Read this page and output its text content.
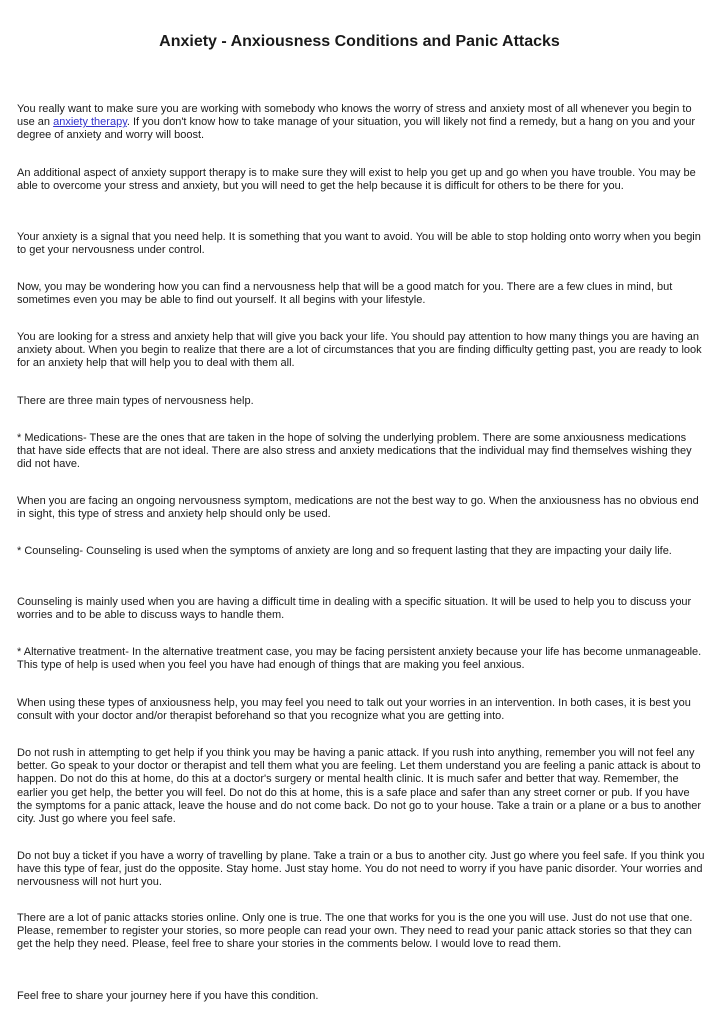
Anxiety - Anxiousness Conditions and Panic Attacks

You really want to make sure you are working with somebody who knows the worry of stress and anxiety most of all whenever you begin to use an anxiety therapy. If you don't know how to take manage of your situation, you will likely not find a remedy, but a hang on you and your degree of anxiety and worry will boost.

An additional aspect of anxiety support therapy is to make sure they will exist to help you get up and go when you have trouble. You may be able to overcome your stress and anxiety, but you will need to get the help because it is difficult for others to be there for you.

Your anxiety is a signal that you need help. It is something that you want to avoid. You will be able to stop holding onto worry when you begin to get your nervousness under control.

Now, you may be wondering how you can find a nervousness help that will be a good match for you. There are a few clues in mind, but sometimes even you may be able to find out yourself. It all begins with your lifestyle.

You are looking for a stress and anxiety help that will give you back your life. You should pay attention to how many things you are having an anxiety about. When you begin to realize that there are a lot of circumstances that you are finding difficulty getting past, you are ready to look for an anxiety help that will help you to deal with them all.

There are three main types of nervousness help.

* Medications- These are the ones that are taken in the hope of solving the underlying problem. There are some anxiousness medications that have side effects that are not ideal. There are also stress and anxiety medications that the individual may find themselves wishing they did not have.

When you are facing an ongoing nervousness symptom, medications are not the best way to go. When the anxiousness has no obvious end in sight, this type of stress and anxiety help should only be used.

* Counseling- Counseling is used when the symptoms of anxiety are long and so frequent lasting that they are impacting your daily life.

Counseling is mainly used when you are having a difficult time in dealing with a specific situation. It will be used to help you to discuss your worries and to be able to discuss ways to handle them.

* Alternative treatment- In the alternative treatment case, you may be facing persistent anxiety because your life has become unmanageable. This type of help is used when you feel you have had enough of things that are making you feel anxious.

When using these types of anxiousness help, you may feel you need to talk out your worries in an intervention. In both cases, it is best you consult with your doctor and/or therapist beforehand so that you recognize what you are getting into.

Do not rush in attempting to get help if you think you may be having a panic attack. If you rush into anything, remember you will not feel any better. Go speak to your doctor or therapist and tell them what you are feeling. Let them understand you are feeling a panic attack is about to happen. Do not do this at home, do this at a doctor's surgery or mental health clinic. It is much safer and better that way. Remember, the earlier you get help, the better you will feel. Do not do this at home, this is a safe place and safer than any street corner or pub. If you have the symptoms for a panic attack, leave the house and do not come back. Do not go to your house. Take a train or a plane or a bus to another city. Just go where you feel safe.

Do not buy a ticket if you have a worry of travelling by plane. Take a train or a bus to another city. Just go where you feel safe. If you think you have this type of fear, just do the opposite. Stay home. Just stay home. You do not need to worry if you have panic disorder. Your worries and nervousness will not hurt you.

There are a lot of panic attacks stories online. Only one is true. The one that works for you is the one you will use. Just do not use that one. Please, remember to register your stories, so more people can read your own. They need to read your panic attack stories so that they can get the help they need. Please, feel free to share your stories in the comments below. I would love to read them.

Feel free to share your journey here if you have this condition.
